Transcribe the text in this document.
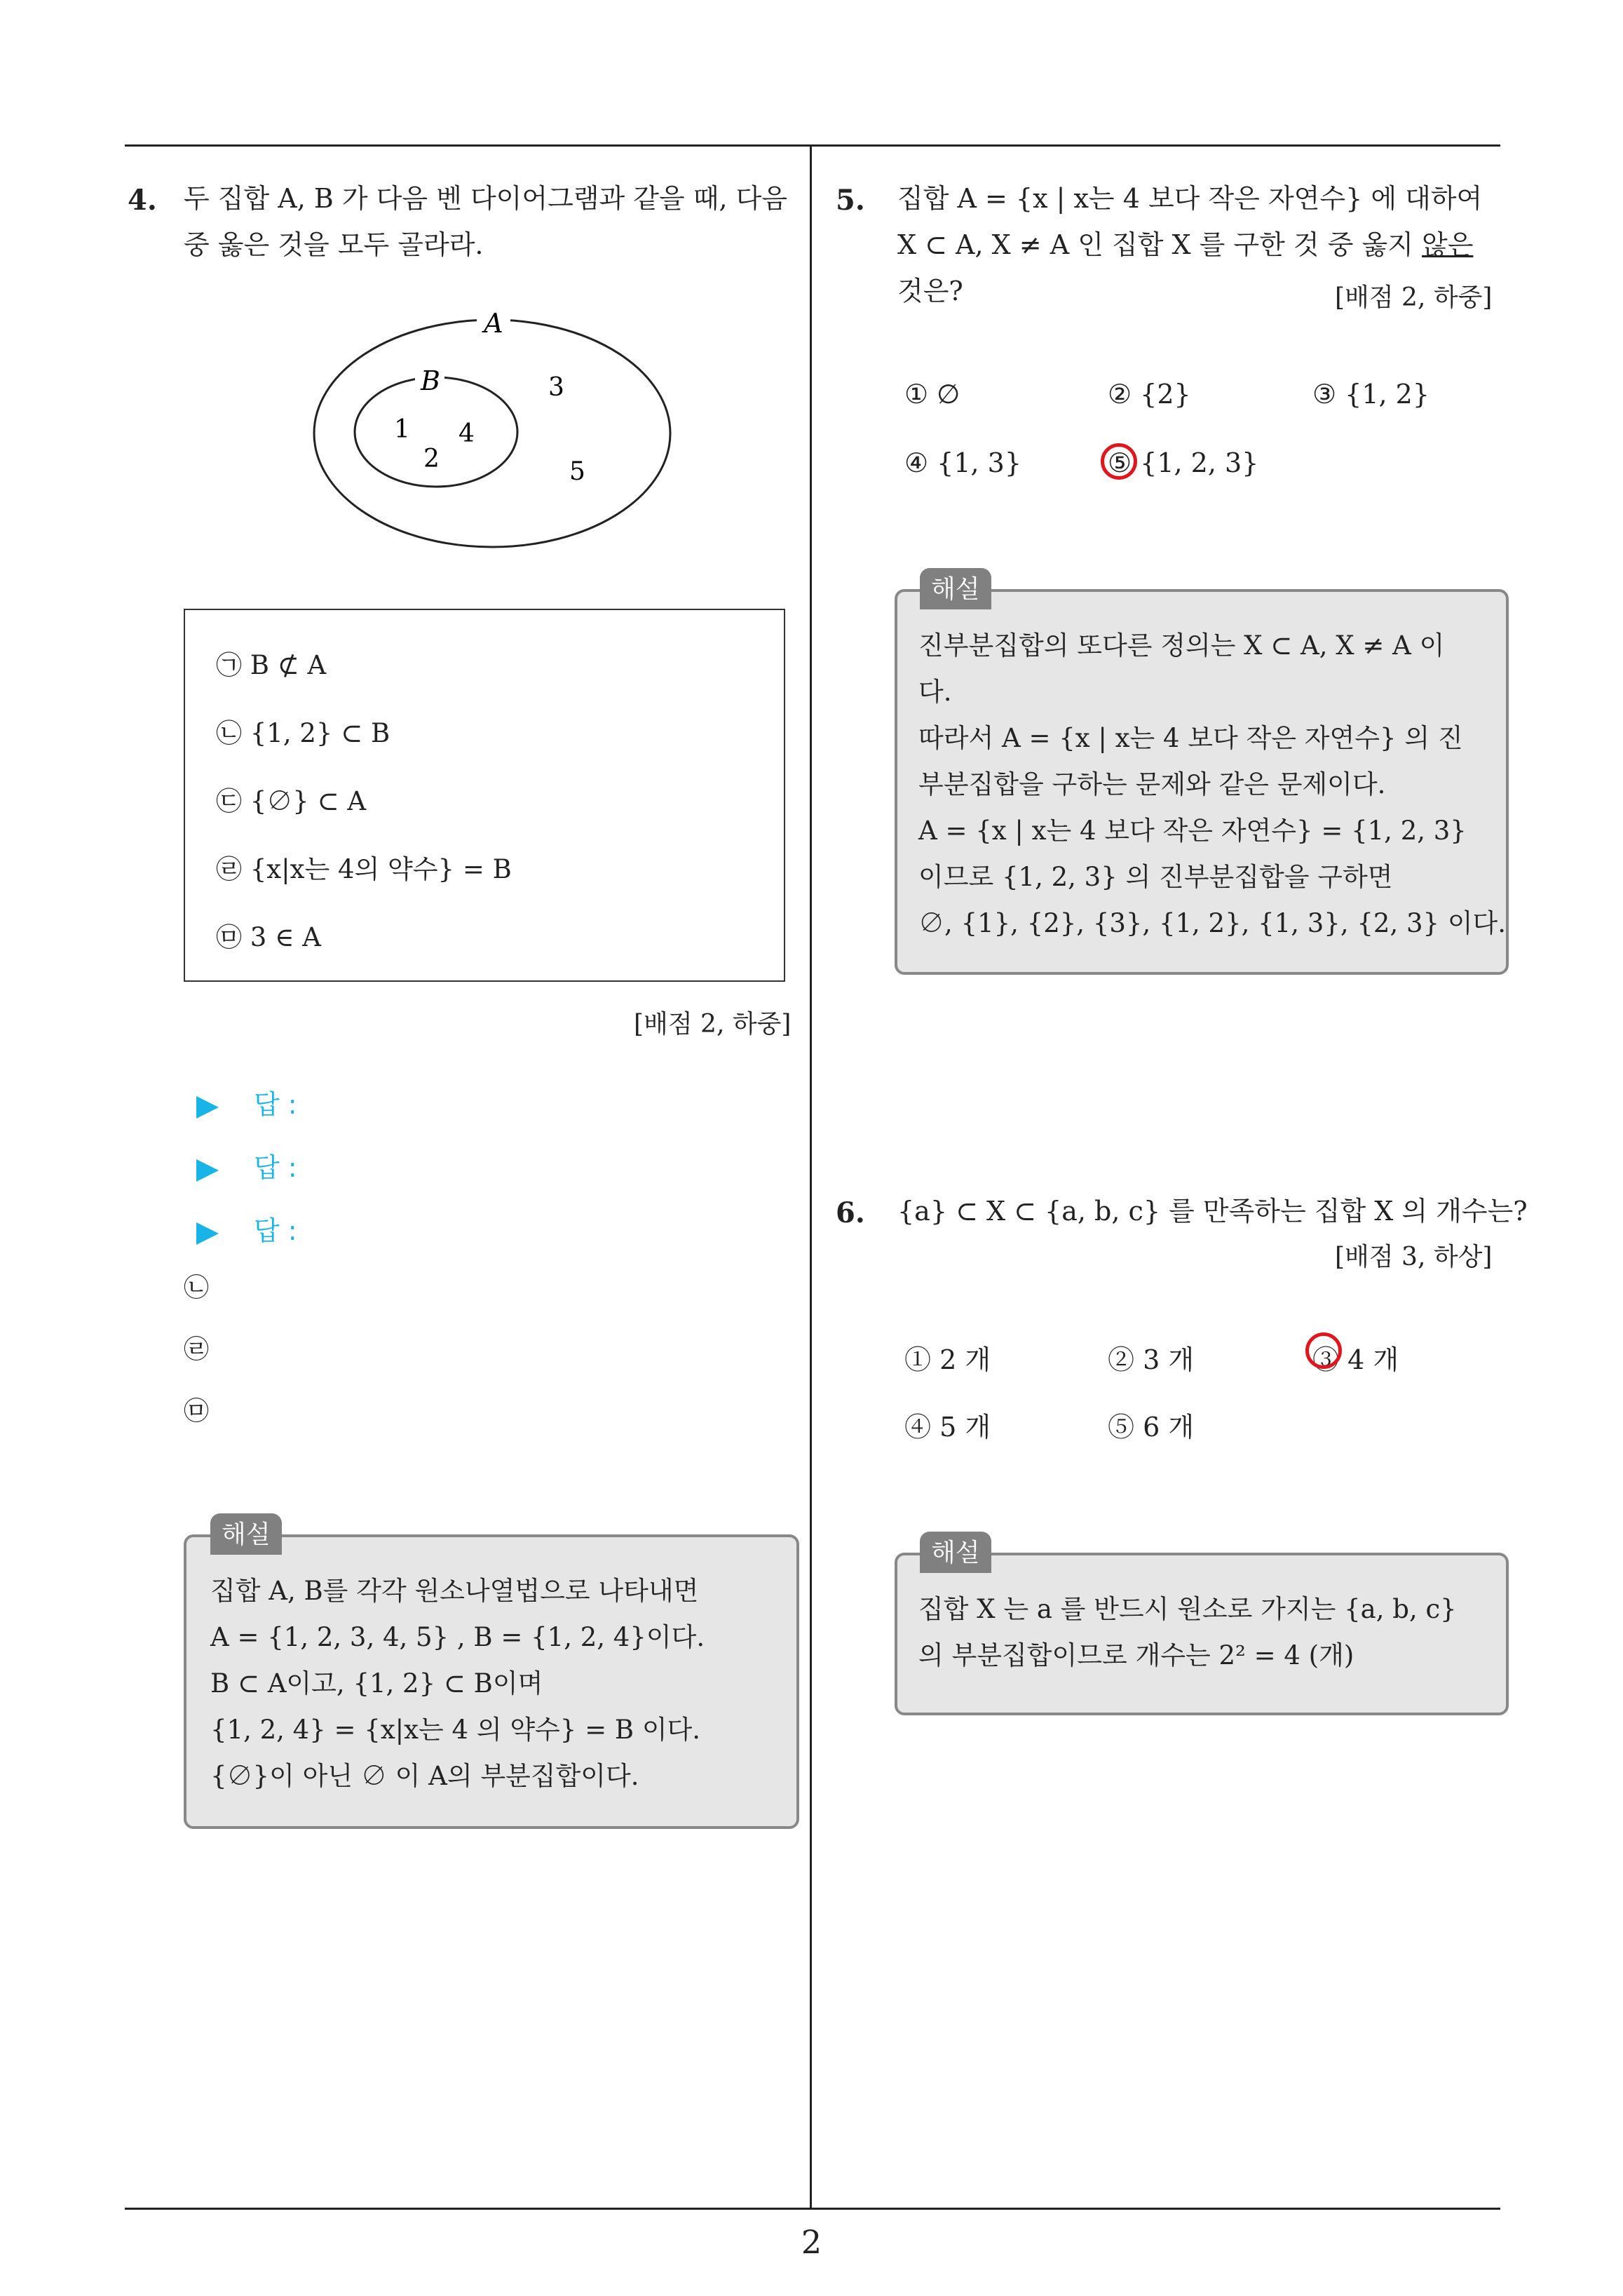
4. 두 집합 A, B 가 다음 벤 다이어그램과 같을 때, 다음
중 옳은 것을 모두 골라라.
A
B
1 4
2
3
5
㉠ B ⊄ A
㉡ {1, 2} ⊂ B
㉢ {∅} ⊂ A
㉣ {x|x는 4의 약수} = B
㉤ 3 ∈ A
[배점 2, 하중]
답 :
답 :
답 :
㉡
㉣
㉤
집합 A, B를 각각 원소나열법으로 나타내면
A = {1, 2, 3, 4, 5} , B = {1, 2, 4}이다.
B ⊂ A이고, {1, 2} ⊂ B이며
{1, 2, 4} = {x|x는 4 의 약수} = B 이다.
{∅}이 아닌 ∅ 이 A의 부분집합이다.
해설
5. 집합 A = {x | x는 4 보다 작은 자연수} 에 대하여
X ⊂ A, X ≠ A 인 집합 X 를 구한 것 중 옳지 않은
것은?	[배점 2, 하중]
① ∅	② {2}	③ {1, 2}
④ {1, 3}	⑤ {1, 2, 3}
진부분집합의 또다른 정의는 X ⊂ A, X ≠ A 이
다.
따라서 A = {x | x는 4 보다 작은 자연수} 의 진
부분집합을 구하는 문제와 같은 문제이다.
A = {x | x는 4 보다 작은 자연수} = {1, 2, 3}
이므로 {1, 2, 3} 의 진부분집합을 구하면
∅, {1}, {2}, {3}, {1, 2}, {1, 3}, {2, 3} 이다.
해설
6. {a} ⊂ X ⊂ {a, b, c} 를 만족하는 집합 X 의 개수는?
[배점 3, 하상]
① 2 개	② 3 개	③ 4 개
④ 5 개	⑤ 6 개
집합 X 는 a 를 반드시 원소로 가지는 {a, b, c}
의 부분집합이므로 개수는 2² = 4 (개)
해설
2
